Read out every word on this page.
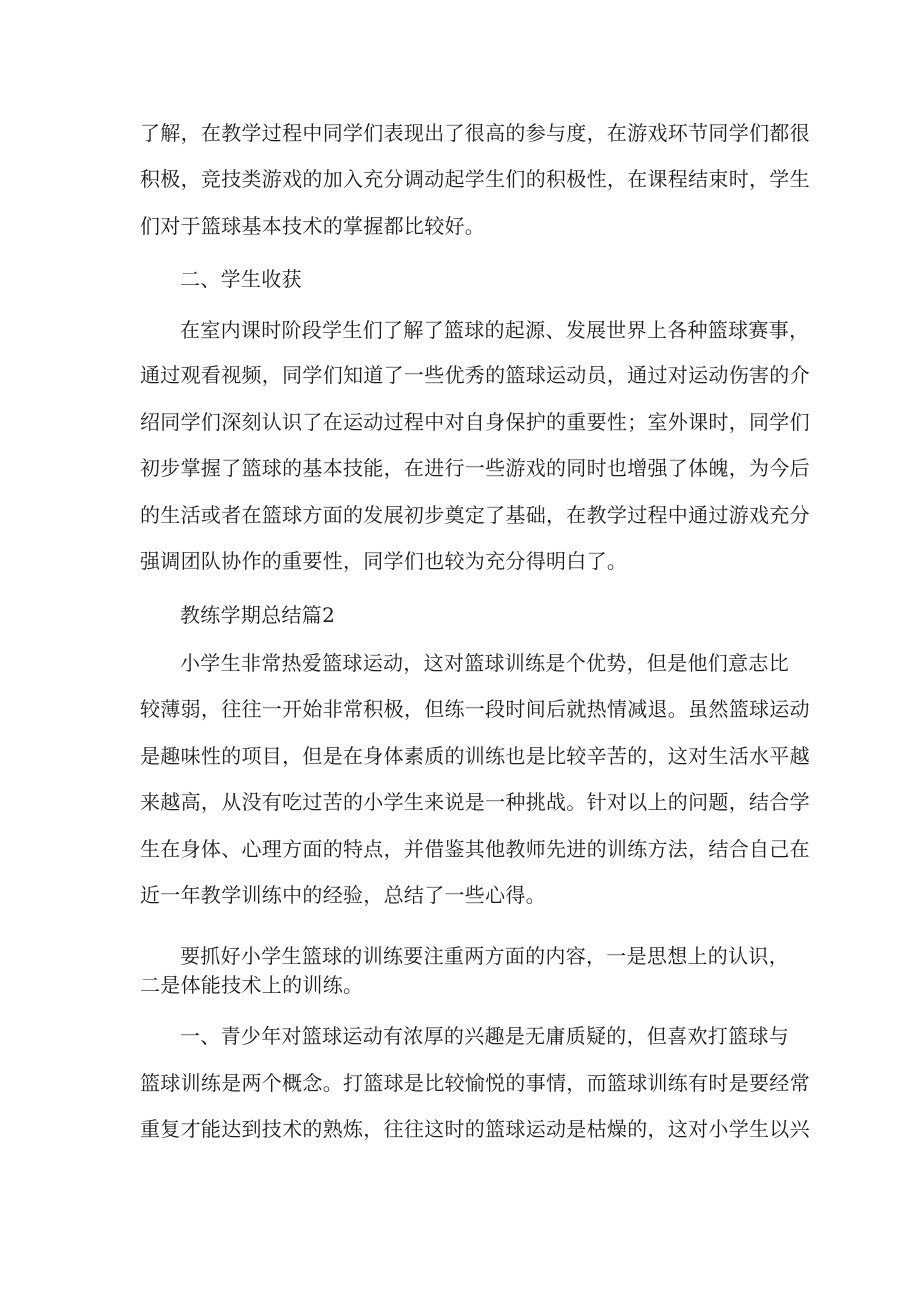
了解，在教学过程中同学们表现出了很高的参与度，在游戏环节同学们都很
积极，竞技类游戏的加入充分调动起学生们的积极性，在课程结束时，学生
们对于篮球基本技术的掌握都比较好。
二、学生收获
在室内课时阶段学生们了解了篮球的起源、发展世界上各种篮球赛事，
通过观看视频，同学们知道了一些优秀的篮球运动员，通过对运动伤害的介
绍同学们深刻认识了在运动过程中对自身保护的重要性；室外课时，同学们
初步掌握了篮球的基本技能，在进行一些游戏的同时也增强了体魄，为今后
的生活或者在篮球方面的发展初步奠定了基础，在教学过程中通过游戏充分
强调团队协作的重要性，同学们也较为充分得明白了。
教练学期总结篇2
小学生非常热爱篮球运动，这对篮球训练是个优势，但是他们意志比
较薄弱，往往一开始非常积极，但练一段时间后就热情减退。虽然篮球运动
是趣味性的项目，但是在身体素质的训练也是比较辛苦的，这对生活水平越
来越高，从没有吃过苦的小学生来说是一种挑战。针对以上的问题，结合学
生在身体、心理方面的特点，并借鉴其他教师先进的训练方法，结合自己在
近一年教学训练中的经验，总结了一些心得。
要抓好小学生篮球的训练要注重两方面的内容，一是思想上的认识，
二是体能技术上的训练。
一、青少年对篮球运动有浓厚的兴趣是无庸质疑的，但喜欢打篮球与
篮球训练是两个概念。打篮球是比较愉悦的事情，而篮球训练有时是要经常
重复才能达到技术的熟炼，往往这时的篮球运动是枯燥的，这对小学生以兴
